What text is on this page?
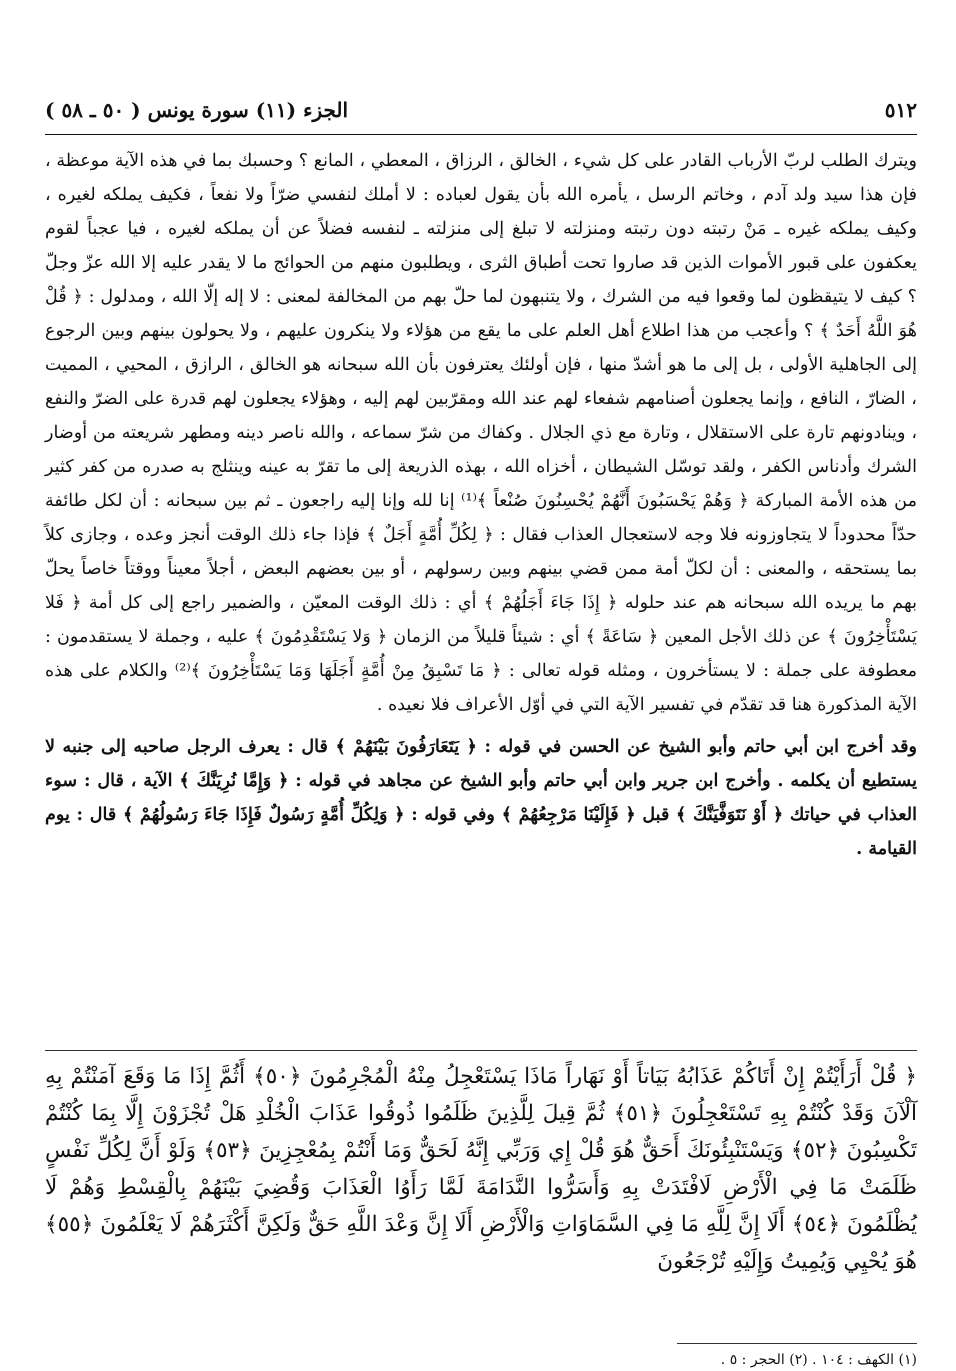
٥١٢
الجزء (١١) سورة يونس ( ٥٠ ـ ٥٨ )

ويترك الطلب لربّ الأرباب القادر على كل شيء ، الخالق ، الرزاق ، المعطي ، المانع ؟ وحسبك بما في هذه الآية موعظة ، فإن هذا سيد ولد آدم ، وخاتم الرسل ، يأمره الله بأن يقول لعباده : لا أملك لنفسي ضرّاً ولا نفعاً ، فكيف يملكه لغيره ، وكيف يملكه غيره ـ مَنْ رتبته دون رتبته ومنزلته لا تبلغ إلى منزلته ـ لنفسه فضلاً عن أن يملكه لغيره ، فيا عجباً لقوم يعكفون على قبور الأموات الذين قد صاروا تحت أطباق الثرى ، ويطلبون منهم من الحوائج ما لا يقدر عليه إلا الله عزّ وجلّ ؟ كيف لا يتيقظون لما وقعوا فيه من الشرك ، ولا يتنبهون لما حلّ بهم من المخالفة لمعنى : لا إله إلّا الله ، ومدلول : ﴿ قُلْ هُوَ اللَّهُ أَحَدٌ ﴾ ؟ وأعجب من هذا اطلاع أهل العلم على ما يقع من هؤلاء ولا ينكرون عليهم ، ولا يحولون بينهم وبين الرجوع إلى الجاهلية الأولى ، بل إلى ما هو أشدّ منها ، فإن أولئك يعترفون بأن الله سبحانه هو الخالق ، الرازق ، المحيي ، المميت ، الضارّ ، النافع ، وإنما يجعلون أصنامهم شفعاء لهم عند الله ومقرّبين لهم إليه ، وهؤلاء يجعلون لهم قدرة على الضرّ والنفع ، وينادونهم تارة على الاستقلال ، وتارة مع ذي الجلال . وكفاك من شرّ سماعه ، والله ناصر دينه ومطهر شريعته من أوضار الشرك وأدناس الكفر ، ولقد توسّل الشيطان ، أخزاه الله ، بهذه الذريعة إلى ما تقرّ به عينه وينثلج به صدره من كفر كثير من هذه الأمة المباركة ﴿ وَهُمْ يَحْسَبُونَ أَنَّهُمْ يُحْسِنُونَ صُنْعاً ﴾⁽¹⁾ إنا لله وإنا إليه راجعون ـ ثم بين سبحانه : أن لكل طائفة حدّاً محدوداً لا يتجاوزونه فلا وجه لاستعجال العذاب فقال : ﴿ لِكُلِّ أُمَّةٍ أَجَلٌ ﴾ فإذا جاء ذلك الوقت أنجز وعده ، وجازى كلاً بما يستحقه ، والمعنى : أن لكلّ أمة ممن قضي بينهم وبين رسولهم ، أو بين بعضهم البعض ، أجلاً معيناً ووقتاً خاصاً يحلّ بهم ما يريده الله سبحانه هم عند حلوله ﴿ إِذَا جَاءَ أَجَلُهُمْ ﴾ أي : ذلك الوقت المعيّن ، والضمير راجع إلى كل أمة ﴿ فَلا يَسْتَأْخِرُونَ ﴾ عن ذلك الأجل المعين ﴿ سَاعَةً ﴾ أي : شيئاً قليلاً من الزمان ﴿ وَلا يَسْتَقْدِمُونَ ﴾ عليه ، وجملة لا يستقدمون : معطوفة على جملة : لا يستأخرون ، ومثله قوله تعالى : ﴿ مَا تَسْبِقُ مِنْ أُمَّةٍ أَجَلَهَا وَمَا يَسْتَأْخِرُونَ ﴾⁽²⁾ والكلام على هذه الآية المذكورة هنا قد تقدّم في تفسير الآية التي في أوّل الأعراف فلا نعيده .

وقد أخرج ابن أبي حاتم وأبو الشيخ عن الحسن في قوله : ﴿ يَتَعَارَفُونَ بَيْنَهُمْ ﴾ قال : يعرف الرجل صاحبه إلى جنبه لا يستطيع أن يكلمه . وأخرج ابن جرير وابن أبي حاتم وأبو الشيخ عن مجاهد في قوله : ﴿ وَإِمَّا نُرِيَنَّكَ ﴾ الآية ، قال : سوء العذاب في حياتك ﴿ أَوْ نَتَوَفَّيَنَّكَ ﴾ قبل ﴿ فَإِلَيْنَا مَرْجِعُهُمْ ﴾ وفي قوله : ﴿ وَلِكُلِّ أُمَّةٍ رَسُولٌ فَإِذَا جَاءَ رَسُولُهُمْ ﴾ قال : يوم القيامة .

﴿ قُلْ أَرَأَيْتُمْ إِنْ أَتَاكُمْ عَذَابُهُ بَيَاتاً أَوْ نَهَاراً مَاذَا يَسْتَعْجِلُ مِنْهُ الْمُجْرِمُونَ ﴿٥٠﴾ أَثُمَّ إِذَا مَا وَقَعَ آمَنْتُمْ بِهِ آلْآنَ وَقَدْ كُنْتُمْ بِهِ تَسْتَعْجِلُونَ ﴿٥١﴾ ثُمَّ قِيلَ لِلَّذِينَ ظَلَمُوا ذُوقُوا عَذَابَ الْخُلْدِ هَلْ تُجْزَوْنَ إِلَّا بِمَا كُنْتُمْ تَكْسِبُونَ ﴿٥٢﴾ وَيَسْتَنْبِئُونَكَ أَحَقٌّ هُوَ قُلْ إِي وَرَبِّي إِنَّهُ لَحَقٌّ وَمَا أَنْتُمْ بِمُعْجِزِينَ ﴿٥٣﴾ وَلَوْ أَنَّ لِكُلِّ نَفْسٍ ظَلَمَتْ مَا فِي الْأَرْضِ لَافْتَدَتْ بِهِ وَأَسَرُّوا النَّدَامَةَ لَمَّا رَأَوُا الْعَذَابَ وَقُضِيَ بَيْنَهُمْ بِالْقِسْطِ وَهُمْ لَا يُظْلَمُونَ ﴿٥٤﴾ أَلَا إِنَّ لِلَّهِ مَا فِي السَّمَاوَاتِ وَالْأَرْضِ أَلَا إِنَّ وَعْدَ اللَّهِ حَقٌّ وَلَكِنَّ أَكْثَرَهُمْ لَا يَعْلَمُونَ ﴿٥٥﴾ هُوَ يُحْيِي وَيُمِيتُ وَإِلَيْهِ تُرْجَعُونَ

(١) الكهف : ١٠٤ . (٢) الحجر : ٥ .
